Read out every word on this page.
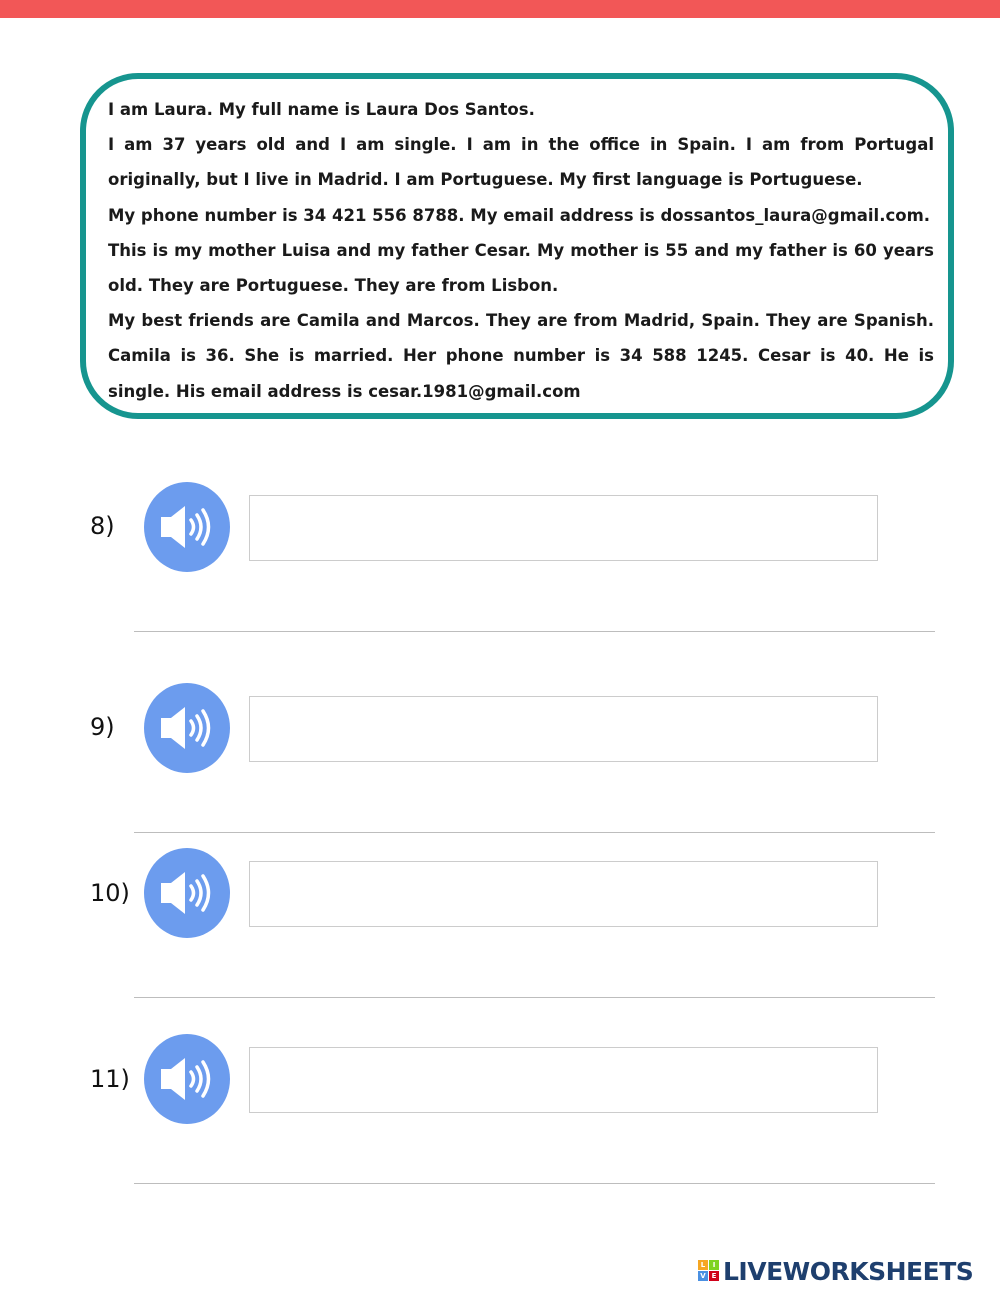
I am Laura. My full name is Laura Dos Santos.

I am 37 years old and I am single. I am in the office in Spain. I am from Portugal originally, but I live in Madrid. I am Portuguese. My first language is Portuguese.

My phone number is 34 421 556 8788. My email address is dossantos_laura@gmail.com.

This is my mother Luisa and my father Cesar. My mother is 55 and my father is 60 years old. They are Portuguese. They are from Lisbon.

My best friends are Camila and Marcos. They are from Madrid, Spain. They are Spanish. Camila is 36. She is married. Her phone number is 34 588 1245. Cesar is 40. He is single. His email address is cesar.1981@gmail.com

8)
9)
10)
11)
L	I
V E LIVEWORKSHEETS
